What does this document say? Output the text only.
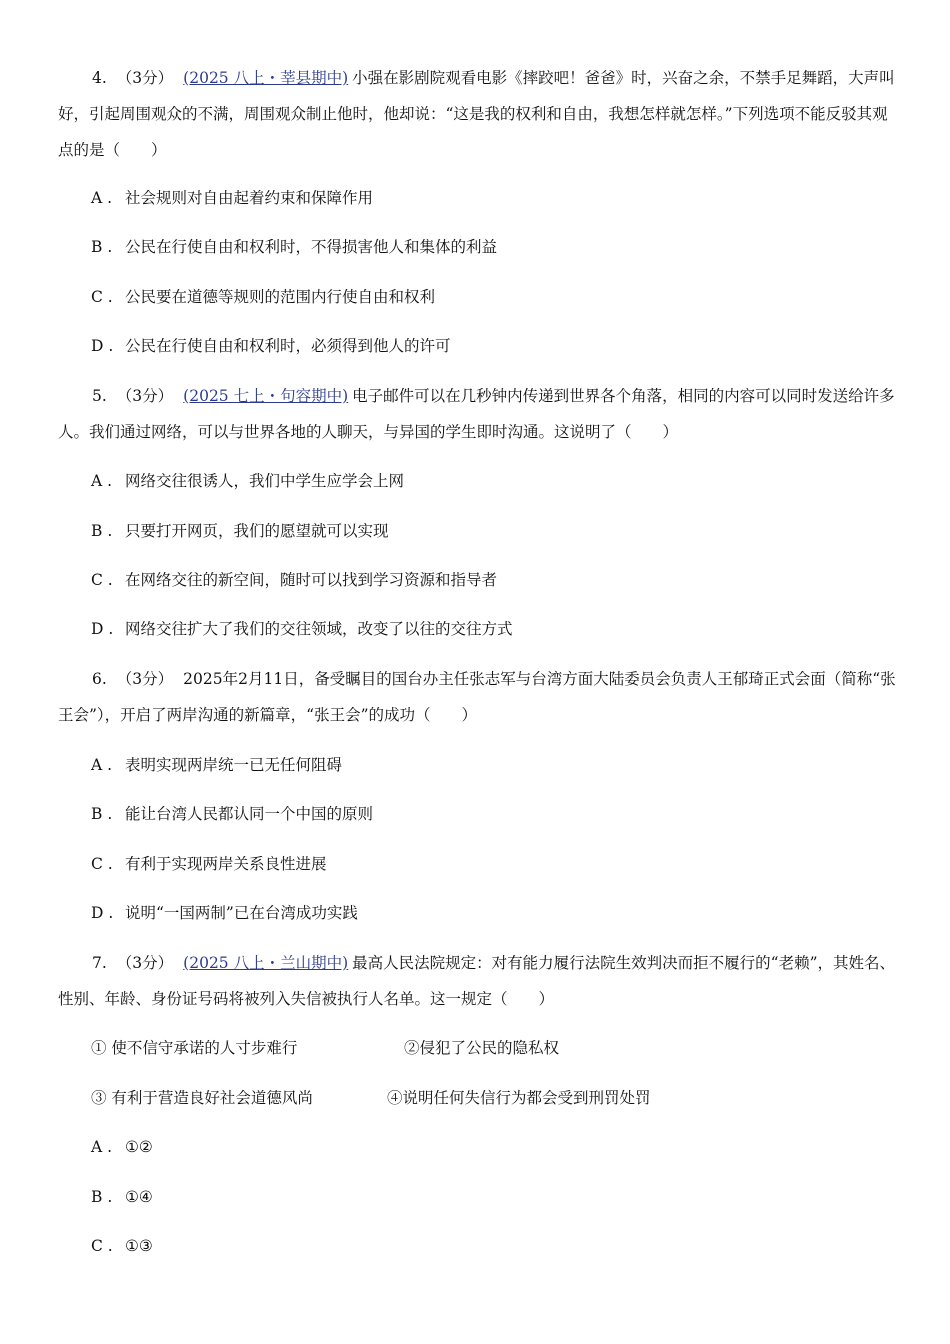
4. （3分） (2025 八上・莘县期中) 小强在影剧院观看电影《摔跤吧！爸爸》时，兴奋之余，不禁手足舞蹈，大声叫好，引起周围观众的不满，周围观众制止他时，他却说：“这是我的权利和自由，我想怎样就怎样。”下列选项不能反驳其观点的是（　　）
A . 社会规则对自由起着约束和保障作用
B . 公民在行使自由和权利时，不得损害他人和集体的利益
C . 公民要在道德等规则的范围内行使自由和权利
D . 公民在行使自由和权利时，必须得到他人的许可
5. （3分） (2025 七上・句容期中) 电子邮件可以在几秒钟内传递到世界各个角落，相同的内容可以同时发送给许多人。我们通过网络，可以与世界各地的人聊天，与异国的学生即时沟通。这说明了（　　）
A . 网络交往很诱人，我们中学生应学会上网
B . 只要打开网页，我们的愿望就可以实现
C . 在网络交往的新空间，随时可以找到学习资源和指导者
D . 网络交往扩大了我们的交往领域，改变了以往的交往方式
6. （3分） 2025年2月11日，备受瞩目的国台办主任张志军与台湾方面大陆委员会负责人王郁琦正式会面（简称“张王会”），开启了两岸沟通的新篇章，“张王会”的成功（　　）
A . 表明实现两岸统一已无任何阻碍
B . 能让台湾人民都认同一个中国的原则
C . 有利于实现两岸关系良性进展
D . 说明“一国两制”已在台湾成功实践
7. （3分） (2025 八上・兰山期中) 最高人民法院规定：对有能力履行法院生效判决而拒不履行的“老赖”，其姓名、性别、年龄、身份证号码将被列入失信被执行人名单。这一规定（　　）
① 使不信守承诺的人寸步难行	②侵犯了公民的隐私权
③ 有利于营造良好社会道德风尚	④说明任何失信行为都会受到刑罚处罚
A . ①②
B . ①④
C . ①③
